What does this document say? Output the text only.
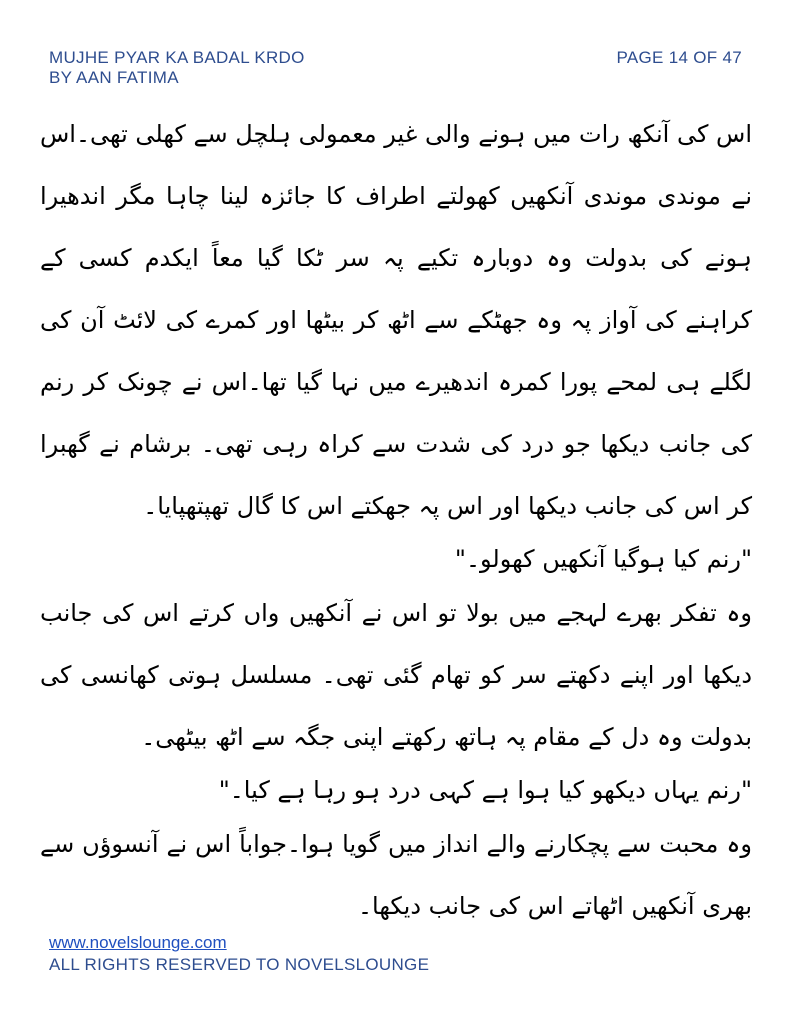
MUJHE PYAR KA BADAL KRDO
BY AAN FATIMA
PAGE 14 OF 47

اس کی آنکھ رات میں ہونے والی غیر معمولی ہلچل سے کھلی تھی۔اس نے موندی موندی آنکھیں کھولتے اطراف کا جائزہ لینا چاہا مگر اندھیرا ہونے کی بدولت وہ دوبارہ تکیے پہ سر ٹکا گیا معاً ایکدم کسی کے کراہنے کی آواز پہ وہ جھٹکے سے اٹھ کر بیٹھا اور کمرے کی لائٹ آن کی لگلے ہی لمحے پورا کمرہ اندھیرے میں نہا گیا تھا۔اس نے چونک کر رنم کی جانب دیکھا جو درد کی شدت سے کراہ رہی تھی۔ برشام نے گھبرا کر اس کی جانب دیکھا اور اس پہ جھکتے اس کا گال تھپتھپایا۔

"رنم کیا ہوگیا آنکھیں کھولو۔"

وہ تفکر بھرے لہجے میں بولا تو اس نے آنکھیں واں کرتے اس کی جانب دیکھا اور اپنے دکھتے سر کو تھام گئی تھی۔ مسلسل ہوتی کھانسی کی بدولت وہ دل کے مقام پہ ہاتھ رکھتے اپنی جگہ سے اٹھ بیٹھی۔

"رنم یہاں دیکھو کیا ہوا ہے کہی درد ہو رہا ہے کیا۔"

وہ محبت سے پچکارنے والے انداز میں گویا ہوا۔جواباً اس نے آنسوؤں سے بھری آنکھیں اٹھاتے اس کی جانب دیکھا۔

www.novelslounge.com
ALL RIGHTS RESERVED TO NOVELSLOUNGE
